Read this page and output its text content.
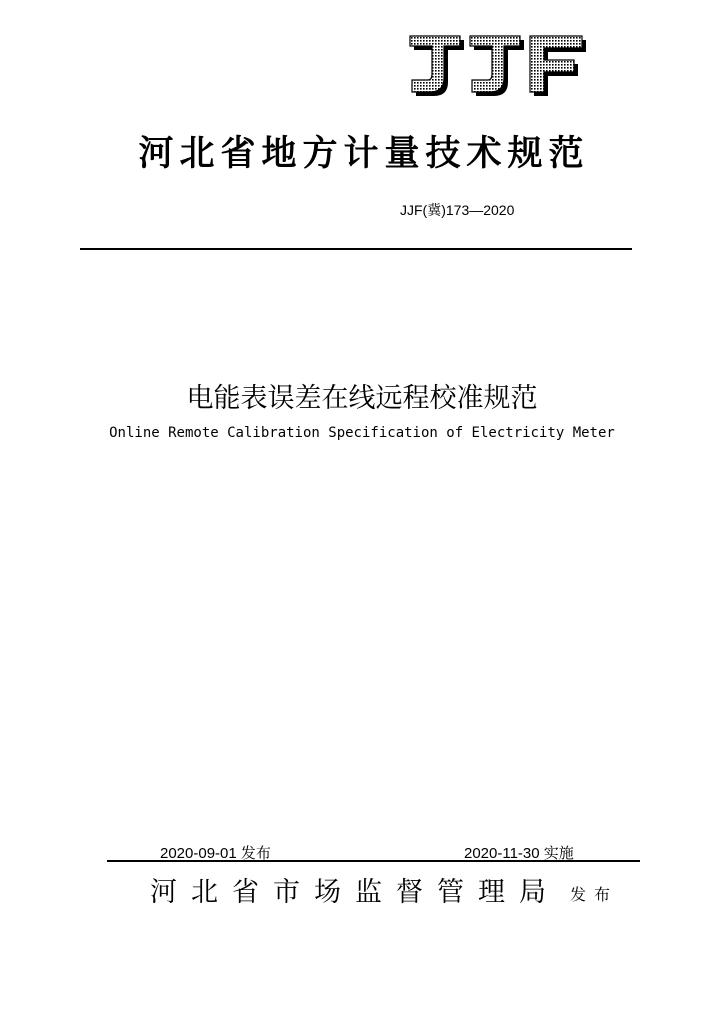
河北省地方计量技术规范
JJF(冀)173—2020
电能表误差在线远程校准规范
Online Remote Calibration Specification of Electricity Meter
2020-09-01 发布	2020-11-30 实施
河北省市场监督管理局 发布
